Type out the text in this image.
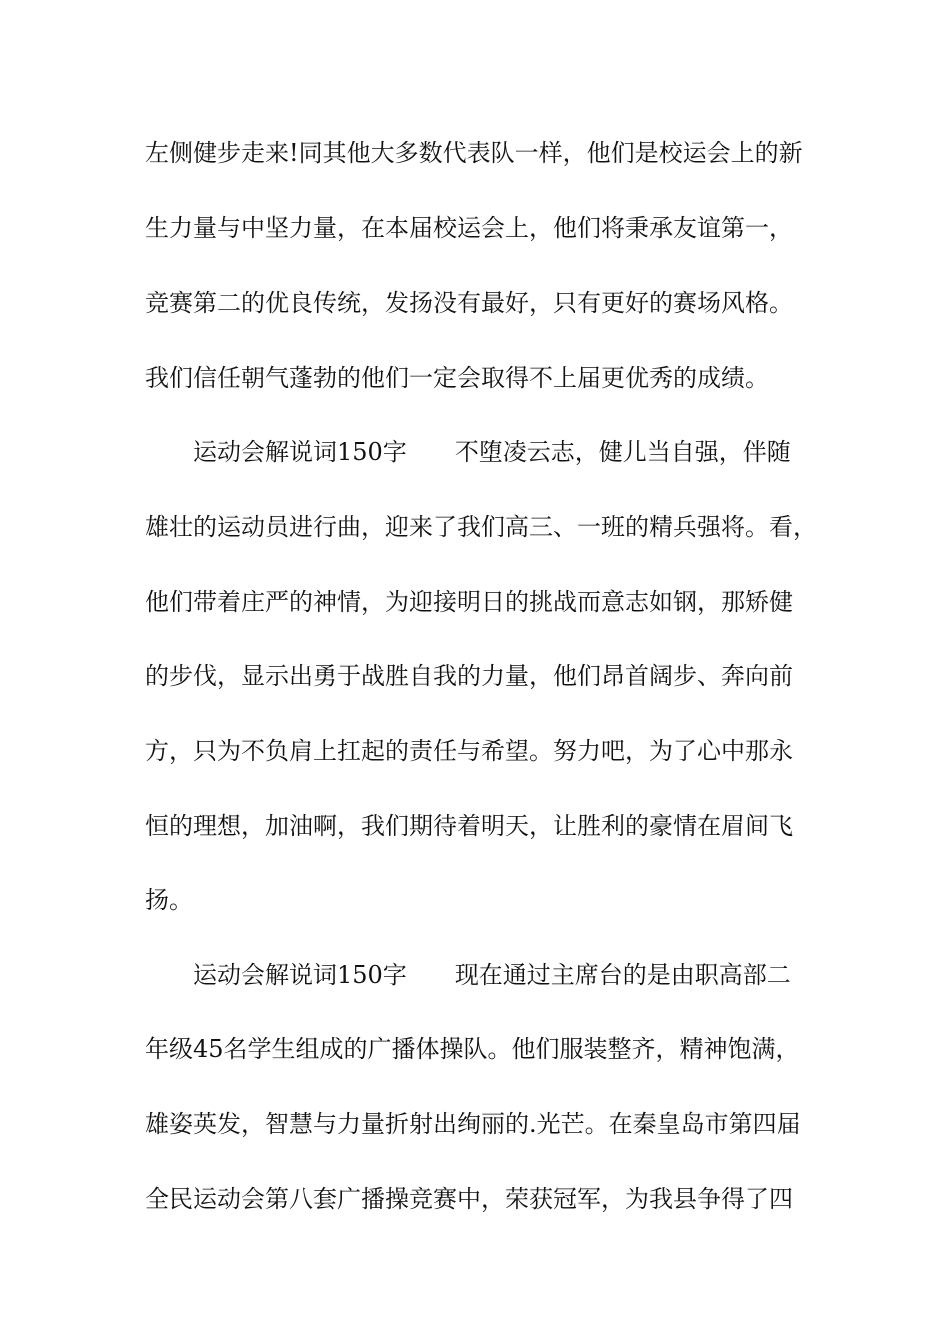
左侧健步走来!同其他大多数代表队一样，他们是校运会上的新
生力量与中坚力量，在本届校运会上，他们将秉承友谊第一，
竞赛第二的优良传统，发扬没有最好，只有更好的赛场风格。
我们信任朝气蓬勃的他们一定会取得不上届更优秀的成绩。
运动会解说词150字 不堕凌云志，健儿当自强，伴随
雄壮的运动员进行曲，迎来了我们高三、一班的精兵强将。看，
他们带着庄严的神情，为迎接明日的挑战而意志如钢，那矫健
的步伐，显示出勇于战胜自我的力量，他们昂首阔步、奔向前
方，只为不负肩上扛起的责任与希望。努力吧，为了心中那永
恒的理想，加油啊，我们期待着明天，让胜利的豪情在眉间飞
扬。
运动会解说词150字 现在通过主席台的是由职高部二
年级45名学生组成的广播体操队。他们服装整齐，精神饱满，
雄姿英发，智慧与力量折射出绚丽的.光芒。在秦皇岛市第四届
全民运动会第八套广播操竞赛中，荣获冠军，为我县争得了四
